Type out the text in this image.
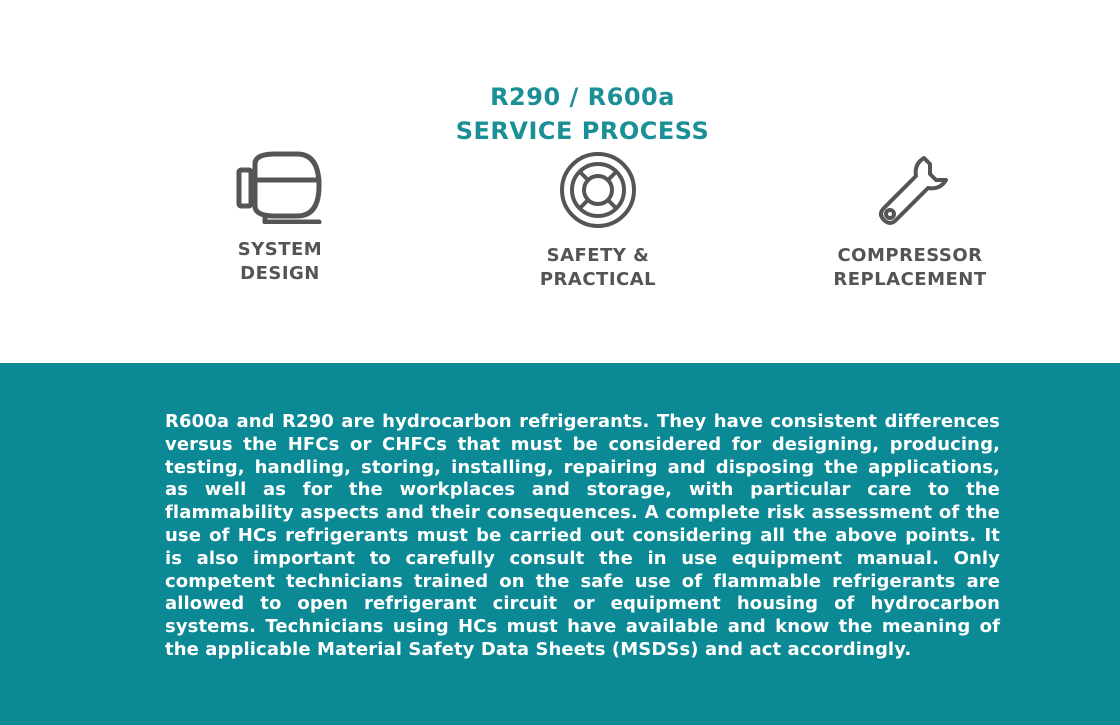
R290 / R600a
SERVICE PROCESS
SYSTEM
DESIGN
SAFETY &
PRACTICAL
COMPRESSOR
REPLACEMENT
R600a and R290 are hydrocarbon refrigerants. They have consistent differences versus the HFCs or CHFCs that must be considered for designing, producing, testing, handling, storing, installing, repairing and disposing the applications, as well as for the workplaces and storage, with particular care to the flammability aspects and their consequences. A complete risk assessment of the use of HCs refrigerants must be carried out considering all the above points. It is also important to carefully consult the in use equipment manual. Only competent technicians trained on the safe use of flammable refrigerants are allowed to open refrigerant circuit or equipment housing of hydrocarbon systems. Technicians using HCs must have available and know the meaning of the applicable Material Safety Data Sheets (MSDSs) and act accordingly.
